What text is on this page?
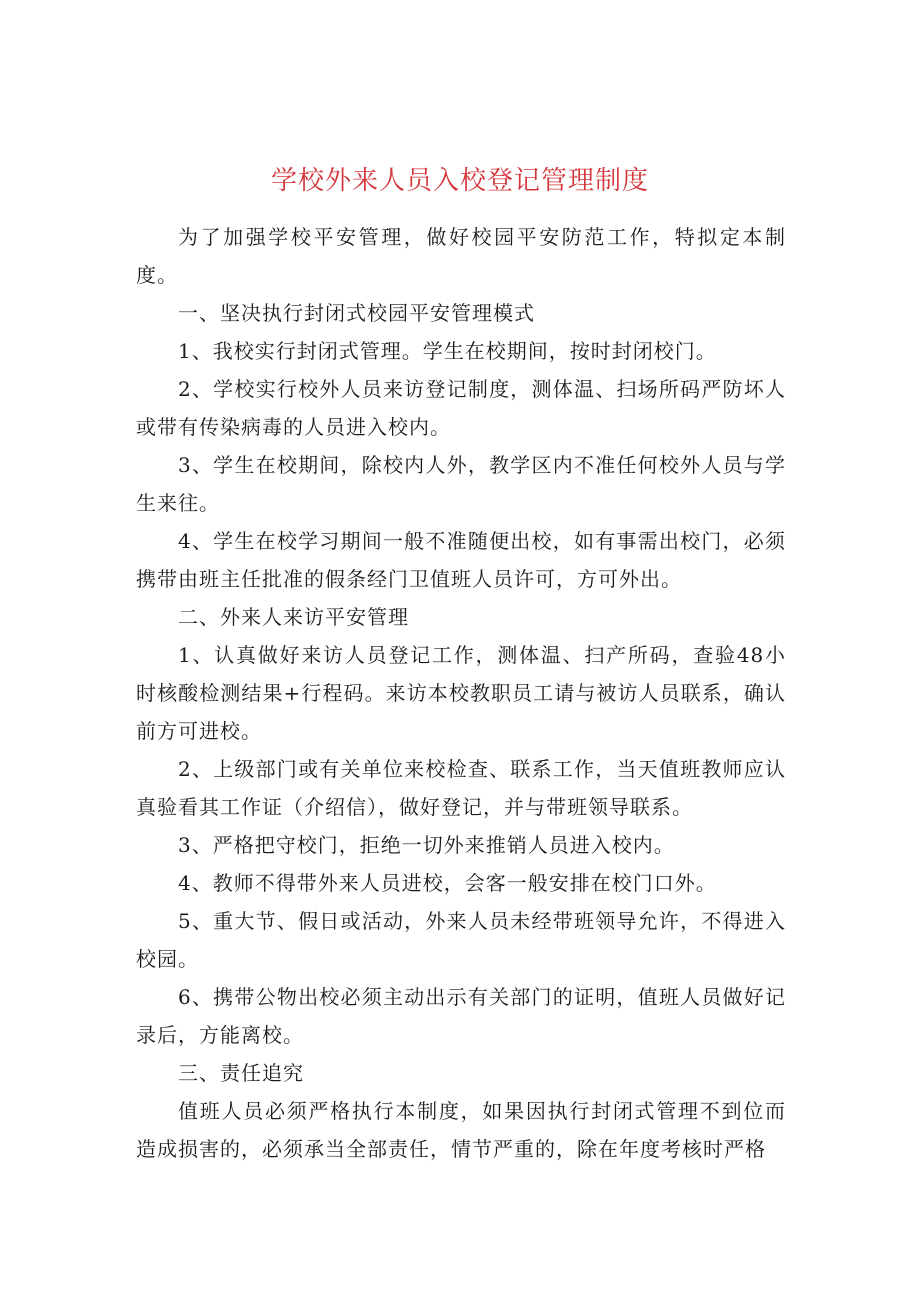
学校外来人员入校登记管理制度

为了加强学校平安管理，做好校园平安防范工作，特拟定本制度。

一、坚决执行封闭式校园平安管理模式

1、我校实行封闭式管理。学生在校期间，按时封闭校门。

2、学校实行校外人员来访登记制度，测体温、扫场所码严防坏人或带有传染病毒的人员进入校内。

3、学生在校期间，除校内人外，教学区内不准任何校外人员与学生来往。

4、学生在校学习期间一般不准随便出校，如有事需出校门，必须携带由班主任批准的假条经门卫值班人员许可，方可外出。

二、外来人来访平安管理

1、认真做好来访人员登记工作，测体温、扫产所码，查验48小时核酸检测结果+行程码。来访本校教职员工请与被访人员联系，确认前方可进校。

2、上级部门或有关单位来校检查、联系工作，当天值班教师应认真验看其工作证（介绍信），做好登记，并与带班领导联系。

3、严格把守校门，拒绝一切外来推销人员进入校内。

4、教师不得带外来人员进校，会客一般安排在校门口外。

5、重大节、假日或活动，外来人员未经带班领导允许，不得进入校园。

6、携带公物出校必须主动出示有关部门的证明，值班人员做好记录后，方能离校。

三、责任追究

值班人员必须严格执行本制度，如果因执行封闭式管理不到位而造成损害的，必须承当全部责任，情节严重的，除在年度考核时严格
